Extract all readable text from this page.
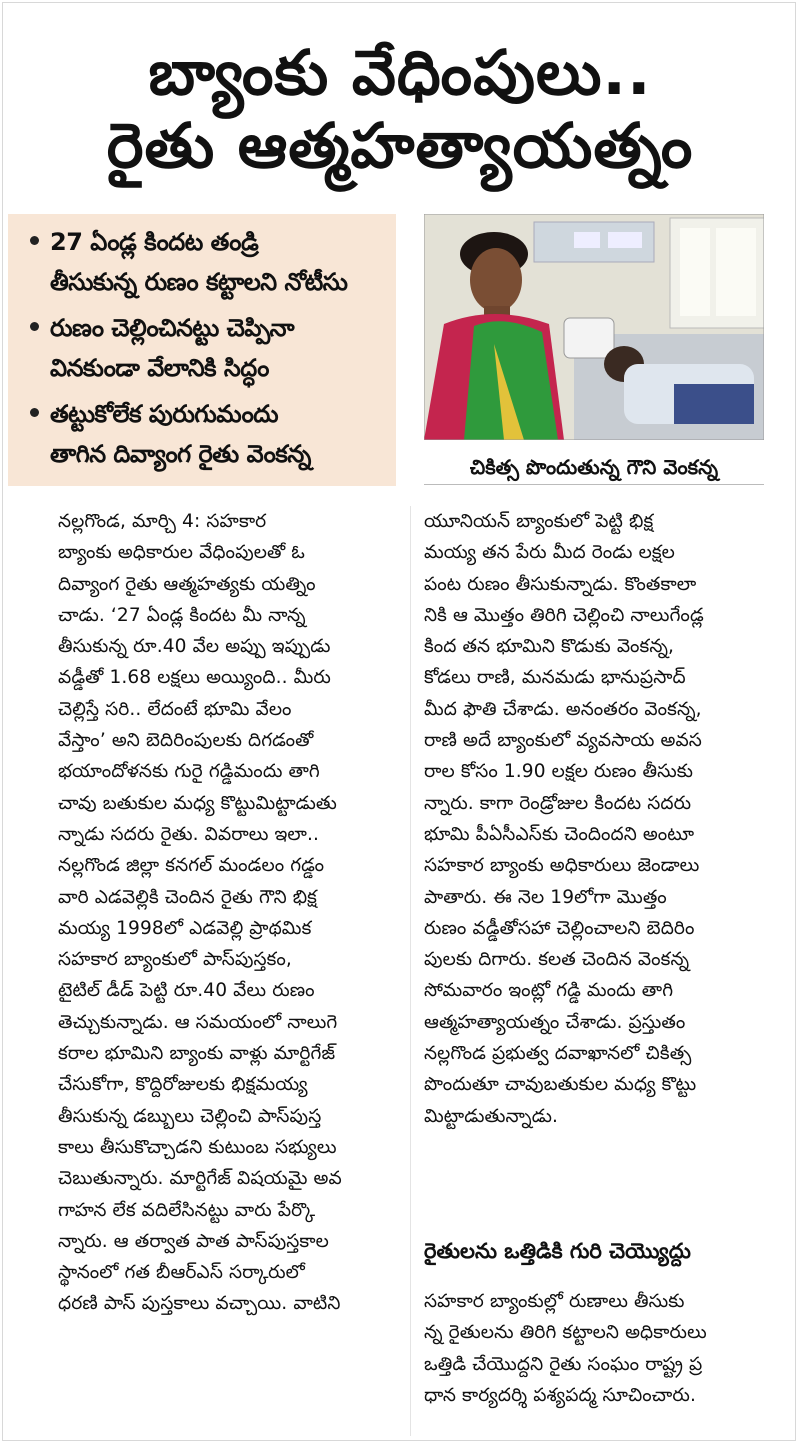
బ్యాంకు వేధింపులు..
రైతు ఆత్మహత్యాయత్నం
27 ఏండ్ల కిందట తండ్రి
తీసుకున్న రుణం కట్టాలని నోటీసు
రుణం చెల్లించినట్టు చెప్పినా
వినకుండా వేలానికి సిద్ధం
తట్టుకోలేక పురుగుమందు
తాగిన దివ్యాంగ రైతు వెంకన్న	చికిత్స పొందుతున్న గౌని వెంకన్న
నల్లగొండ, మార్చి 4: సహకార
బ్యాంకు అధికారుల వేధింపులతో ఓ
దివ్యాంగ రైతు ఆత్మహత్యకు యత్నిం
చాడు. ‘27 ఏండ్ల కిందట మీ నాన్న
తీసుకున్న రూ.40 వేల అప్పు ఇప్పుడు
వడ్డీతో 1.68 లక్షలు అయ్యింది.. మీరు
చెల్లిస్తే సరి.. లేదంటే భూమి వేలం
వేస్తాం’ అని బెదిరింపులకు దిగడంతో
భయాందోళనకు గురై గడ్డిమందు తాగి
చావు బతుకుల మధ్య కొట్టుమిట్టాడుతు
న్నాడు సదరు రైతు. వివరాలు ఇలా..
నల్లగొండ జిల్లా కనగల్ మండలం గడ్డం
వారి ఎడవెల్లికి చెందిన రైతు గౌని భిక్ష
మయ్య 1998లో ఎడవెల్లి ప్రాథమిక
సహకార బ్యాంకులో పాస్‌పుస్తకం,
టైటిల్ డీడ్ పెట్టి రూ.40 వేలు రుణం
తెచ్చుకున్నాడు. ఆ సమయంలో నాలుగె
కరాల భూమిని బ్యాంకు వాళ్లు మార్టిగేజ్
చేసుకోగా, కొద్దిరోజులకు భిక్షమయ్య
తీసుకున్న డబ్బులు చెల్లించి పాస్‌పుస్త
కాలు తీసుకొచ్చాడని కుటుంబ సభ్యులు
చెబుతున్నారు. మార్టిగేజ్ విషయమై అవ
గాహన లేక వదిలేసినట్టు వారు పేర్కొ
న్నారు. ఆ తర్వాత పాత పాస్‌పుస్తకాల
స్థానంలో గత బీఆర్‌ఎస్ సర్కారులో
ధరణి పాస్ పుస్తకాలు వచ్చాయి. వాటిని
యూనియన్ బ్యాంకులో పెట్టి భిక్ష
మయ్య తన పేరు మీద రెండు లక్షల
పంట రుణం తీసుకున్నాడు. కొంతకాలా
నికి ఆ మొత్తం తిరిగి చెల్లించి నాలుగేండ్ల
కింద తన భూమిని కొడుకు వెంకన్న,
కోడలు రాణి, మనమడు భానుప్రసాద్
మీద ఫౌతి చేశాడు. అనంతరం వెంకన్న,
రాణి అదే బ్యాంకులో వ్యవసాయ అవస
రాల కోసం 1.90 లక్షల రుణం తీసుకు
న్నారు. కాగా రెండ్రోజుల కిందట సదరు
భూమి పీఏసీఎస్‌కు చెందిందని అంటూ
సహకార బ్యాంకు అధికారులు జెండాలు
పాతారు. ఈ నెల 19లోగా మొత్తం
రుణం వడ్డీతోసహా చెల్లించాలని బెదిరిం
పులకు దిగారు. కలత చెందిన వెంకన్న
సోమవారం ఇంట్లో గడ్డి మందు తాగి
ఆత్మహత్యాయత్నం చేశాడు. ప్రస్తుతం
నల్లగొండ ప్రభుత్వ దవాఖానలో చికిత్స
పొందుతూ చావుబతుకుల మధ్య కొట్టు
మిట్టాడుతున్నాడు.
రైతులను ఒత్తిడికి గురి చెయ్యొద్దు
సహకార బ్యాంకుల్లో రుణాలు తీసుకు
న్న రైతులను తిరిగి కట్టాలని అధికారులు
ఒత్తిడి చేయొద్దని రైతు సంఘం రాష్ట్ర ప్ర
ధాన కార్యదర్శి పశ్యపద్మ సూచించారు.
